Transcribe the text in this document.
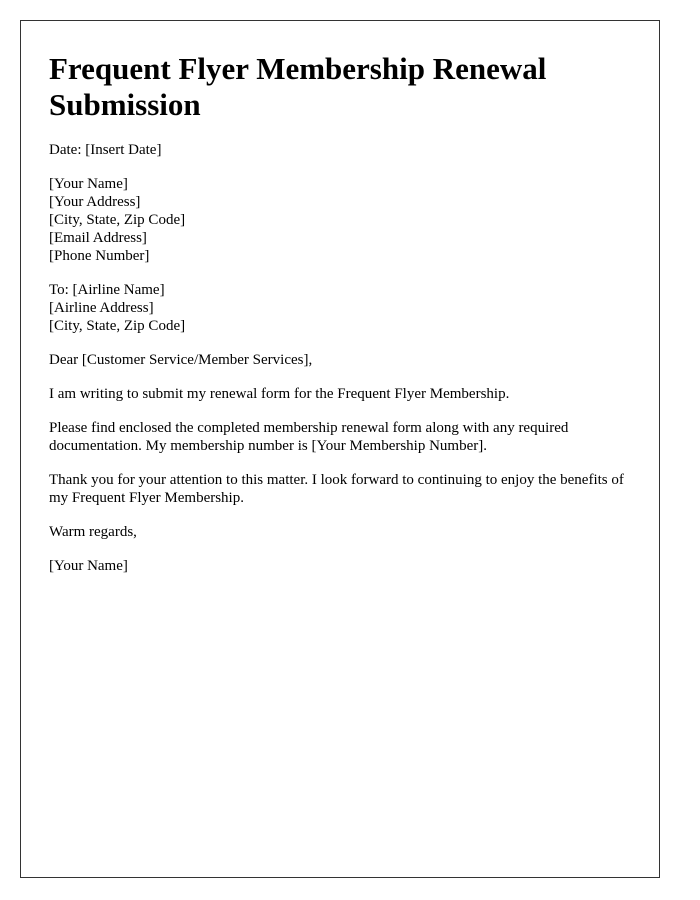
Frequent Flyer Membership Renewal Submission

Date: [Insert Date]

[Your Name]
[Your Address]
[City, State, Zip Code]
[Email Address]
[Phone Number]
To: [Airline Name]
[Airline Address]
[City, State, Zip Code]

Dear [Customer Service/Member Services],

I am writing to submit my renewal form for the Frequent Flyer Membership.

Please find enclosed the completed membership renewal form along with any required documentation. My membership number is [Your Membership Number].

Thank you for your attention to this matter. I look forward to continuing to enjoy the benefits of my Frequent Flyer Membership.

Warm regards,

[Your Name]
